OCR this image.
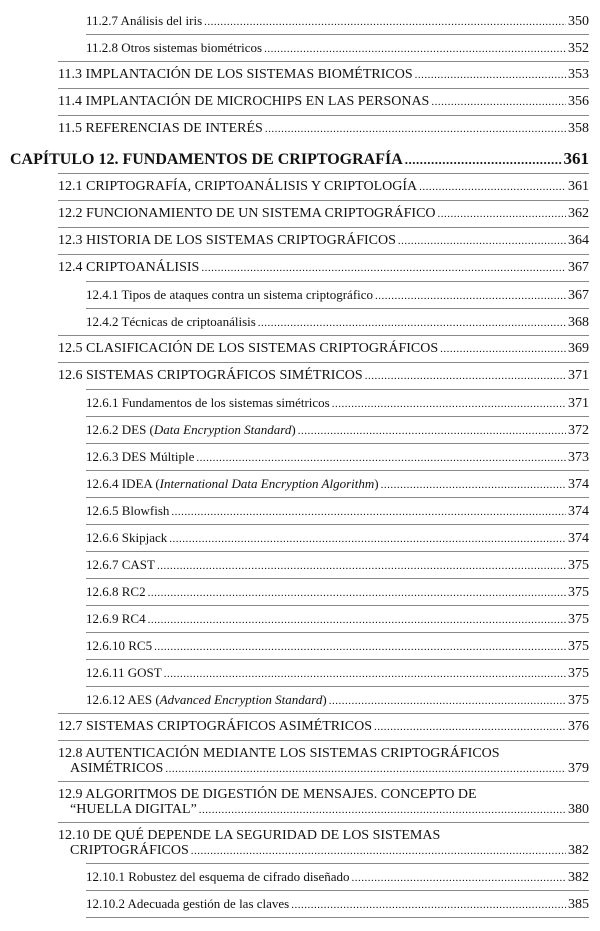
11.2.7 Análisis del iris .....	350
11.2.8 Otros sistemas biométricos .....	352
11.3 IMPLANTACIÓN DE LOS SISTEMAS BIOMÉTRICOS .....	353
11.4 IMPLANTACIÓN DE MICROCHIPS EN LAS PERSONAS .....	356
11.5 REFERENCIAS DE INTERÉS .....	358
CAPÍTULO 12. FUNDAMENTOS DE CRIPTOGRAFÍA .....	361
12.1 CRIPTOGRAFÍA, CRIPTOANÁLISIS Y CRIPTOLOGÍA .....	361
12.2 FUNCIONAMIENTO DE UN SISTEMA CRIPTOGRÁFICO .....	362
12.3 HISTORIA DE LOS SISTEMAS CRIPTOGRÁFICOS .....	364
12.4 CRIPTOANÁLISIS .....	367
12.4.1 Tipos de ataques contra un sistema criptográfico .....	367
12.4.2 Técnicas de criptoanálisis .....	368
12.5 CLASIFICACIÓN DE LOS SISTEMAS CRIPTOGRÁFICOS .....	369
12.6 SISTEMAS CRIPTOGRÁFICOS SIMÉTRICOS .....	371
12.6.1 Fundamentos de los sistemas simétricos .....	371
12.6.2 DES (Data Encryption Standard) .....	372
12.6.3 DES Múltiple .....	373
12.6.4 IDEA (International Data Encryption Algorithm) .....	374
12.6.5 Blowfish .....	374
12.6.6 Skipjack .....	374
12.6.7 CAST .....	375
12.6.8 RC2 .....	375
12.6.9 RC4 .....	375
12.6.10 RC5 .....	375
12.6.11 GOST .....	375
12.6.12 AES (Advanced Encryption Standard) .....	375
12.7 SISTEMAS CRIPTOGRÁFICOS ASIMÉTRICOS .....	376
12.8 AUTENTICACIÓN MEDIANTE LOS SISTEMAS CRIPTOGRÁFICOS
ASIMÉTRICOS .....	379
12.9 ALGORITMOS DE DIGESTIÓN DE MENSAJES. CONCEPTO DE
“HUELLA DIGITAL” .....	380
12.10 DE QUÉ DEPENDE LA SEGURIDAD DE LOS SISTEMAS
CRIPTOGRÁFICOS .....	382
12.10.1 Robustez del esquema de cifrado diseñado .....	382
12.10.2 Adecuada gestión de las claves .....	385
